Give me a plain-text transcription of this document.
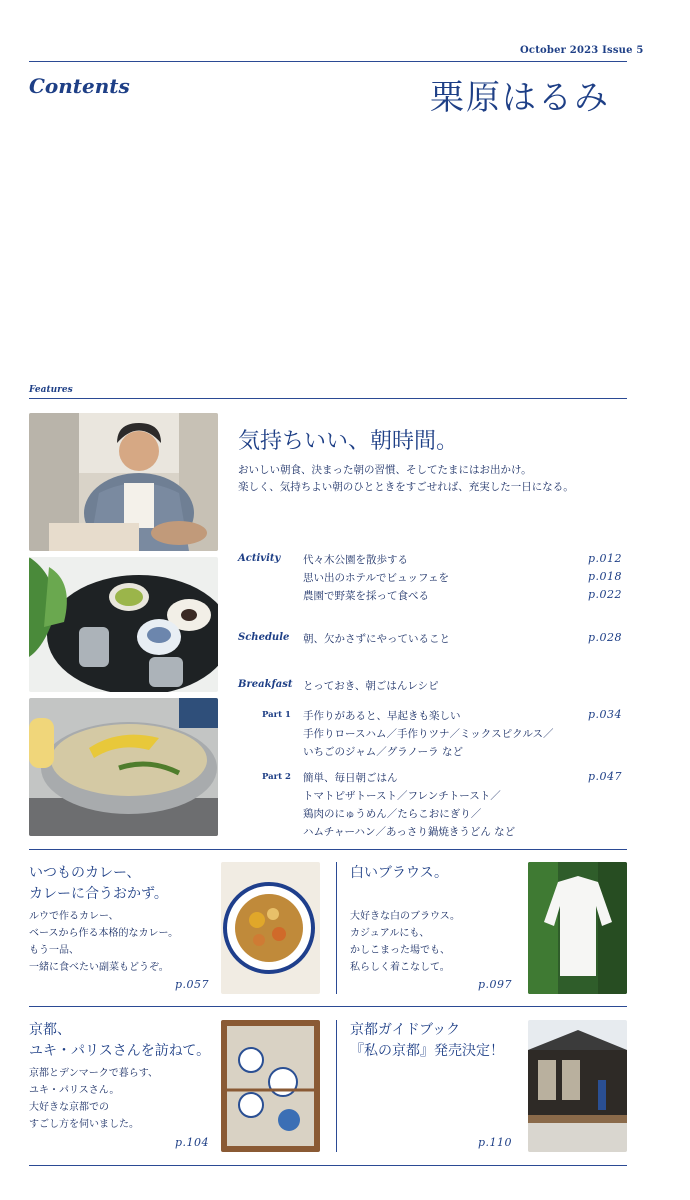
October 2023 Issue 5
Contents	栗原はるみ
Features
気持ちいい、朝時間。
おいしい朝食、決まった朝の習慣、そしてたまにはお出かけ。
楽しく、気持ちよい朝のひとときをすごせれば、充実した一日になる。
Activity 代々木公園を散歩する	p.012
思い出のホテルでビュッフェを	p.018
農園で野菜を採って食べる	p.022
Schedule 朝、欠かさずにやっていること	p.028
Breakfast とっておき、朝ごはんレシピ
Part 1 手作りがあると、早起きも楽しい	p.034
手作りロースハム／手作りツナ／ミックスピクルス／
いちごのジャム／グラノーラ など
Part 2 簡単、毎日朝ごはん	p.047
トマトピザトースト／フレンチトースト／
鶏肉のにゅうめん／たらこおにぎり／
ハムチャーハン／あっさり鍋焼きうどん など
いつものカレー、
カレーに合うおかず。
ルウで作るカレー、
ベースから作る本格的なカレー。
もう一品、
一緒に食べたい副菜もどうぞ。
p.057
白いブラウス。
大好きな白のブラウス。
カジュアルにも、
かしこまった場でも、
私らしく着こなして。
p.097
京都、
ユキ・パリスさんを訪ねて。
京都とデンマークで暮らす、
ユキ・パリスさん。
大好きな京都での
すごし方を伺いました。
p.104
京都ガイドブック
『私の京都』発売決定！
p.110
